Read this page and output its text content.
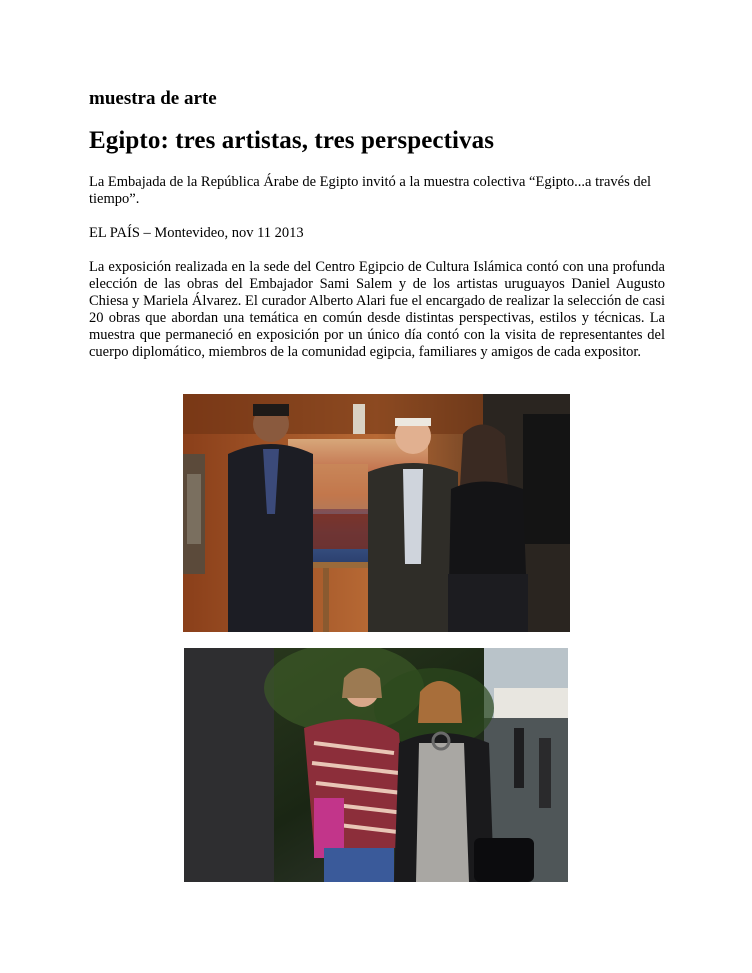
muestra de arte
Egipto: tres artistas, tres perspectivas

La Embajada de la República Árabe de Egipto invitó a la muestra colectiva “Egipto...a través del tiempo”.

EL PAÍS – Montevideo, nov 11 2013

La exposición realizada en la sede del Centro Egipcio de Cultura Islámica contó con una profunda elección de las obras del Embajador Sami Salem y de los artistas uruguayos Daniel Augusto Chiesa y Mariela Álvarez. El curador Alberto Alari fue el encargado de realizar la selección de casi 20 obras que abordan una temática en común desde distintas perspectivas, estilos y técnicas. La muestra que permaneció en exposición por un único día contó con la visita de representantes del cuerpo diplomático, miembros de la comunidad egipcia, familiares y amigos de cada expositor.
